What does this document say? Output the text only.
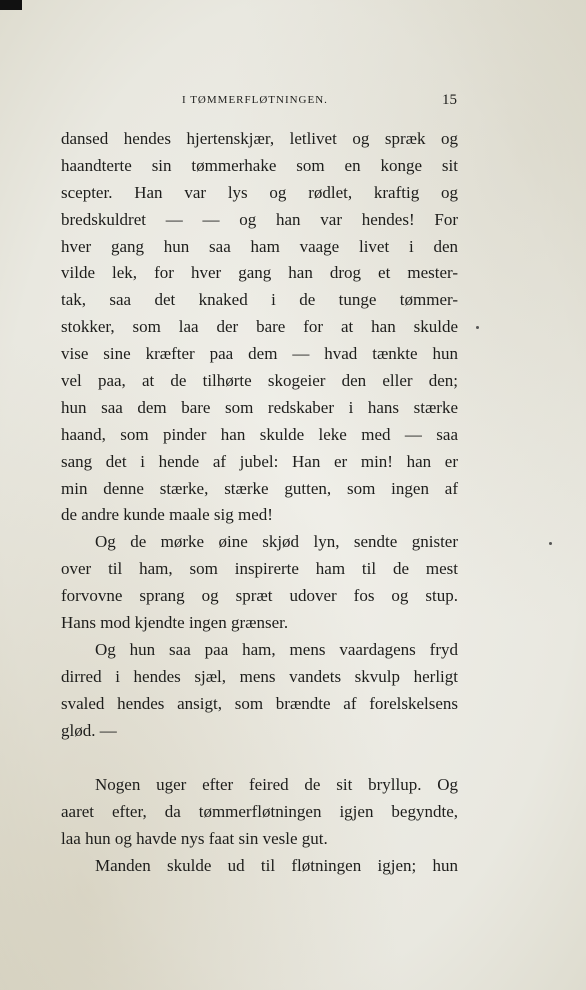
I TØMMERFLØTNINGEN.	15
dansed hendes hjertenskjær, letlivet og spræk og
haandterte sin tømmerhake som en konge sit
scepter. Han var lys og rødlet, kraftig og
bredskuldret — — og han var hendes! For
hver gang hun saa ham vaage livet i den
vilde lek, for hver gang han drog et mester-
tak, saa det knaked i de tunge tømmer-
stokker, som laa der bare for at han skulde
vise sine kræfter paa dem — hvad tænkte hun
vel paa, at de tilhørte skogeier den eller den;
hun saa dem bare som redskaber i hans stærke
haand, som pinder han skulde leke med — saa
sang det i hende af jubel: Han er min! han er
min denne stærke, stærke gutten, som ingen af
de andre kunde maale sig med!
Og de mørke øine skjød lyn, sendte gnister
over til ham, som inspirerte ham til de mest
forvovne sprang og spræt udover fos og stup.
Hans mod kjendte ingen grænser.
Og hun saa paa ham, mens vaardagens fryd
dirred i hendes sjæl, mens vandets skvulp herligt
svaled hendes ansigt, som brændte af forelskelsens
glød. —
Nogen uger efter feired de sit bryllup. Og
aaret efter, da tømmerfløtningen igjen begyndte,
laa hun og havde nys faat sin vesle gut.
Manden skulde ud til fløtningen igjen; hun
